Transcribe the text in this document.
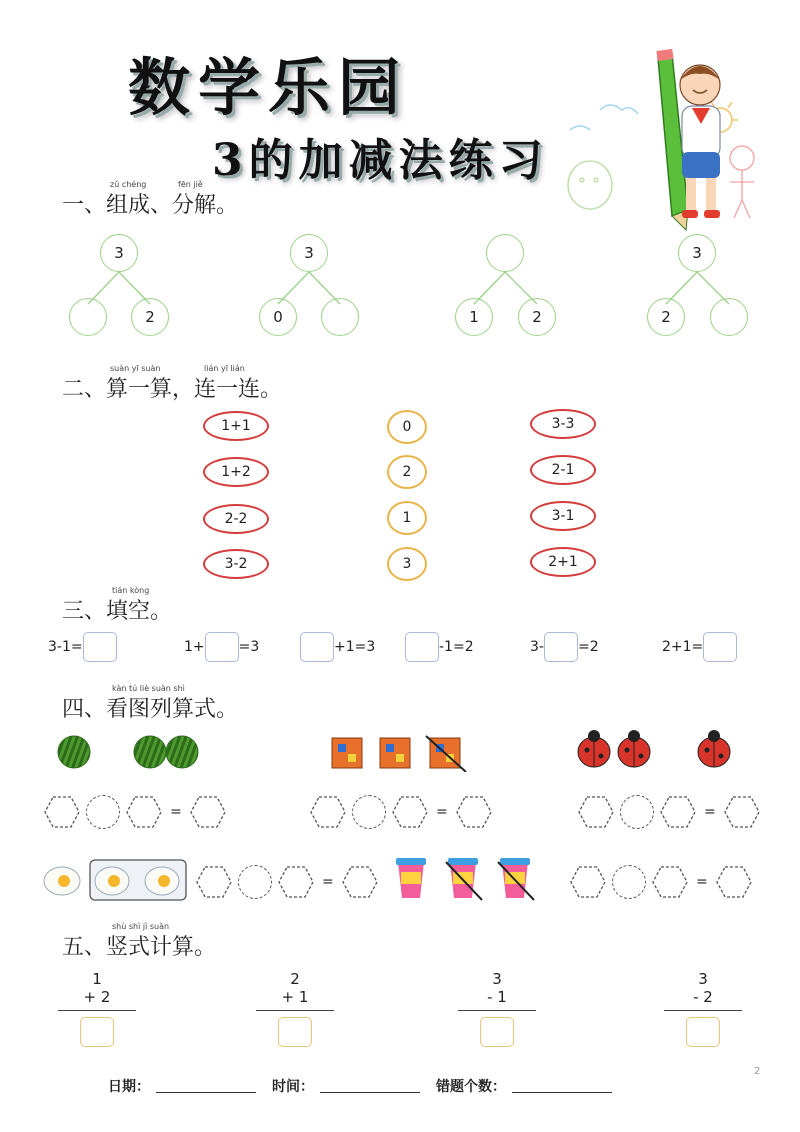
数学乐园
3的加减法练习
一、组成、分解。
zǔ chéng	fēn jiě
3
2
3
0	1	2
3
2
二、算一算，连一连。
suàn yī suàn	lián yī lián
1+1
1+2
2-2
3-2
0
2
1
3
3-3
2-1
3-1
2+1
三、填空。
tián kòng
3-1=	1+ =3	+1=3	-1=2	3- =2	2+1=
四、看图列算式。
kàn tú liè suàn shì
=	=	=
=	=
五、竖式计算。
shù shì jì suàn
1
+ 2
2
+ 1
3
- 1
3
- 2
日期：	时间：	错题个数：
2
